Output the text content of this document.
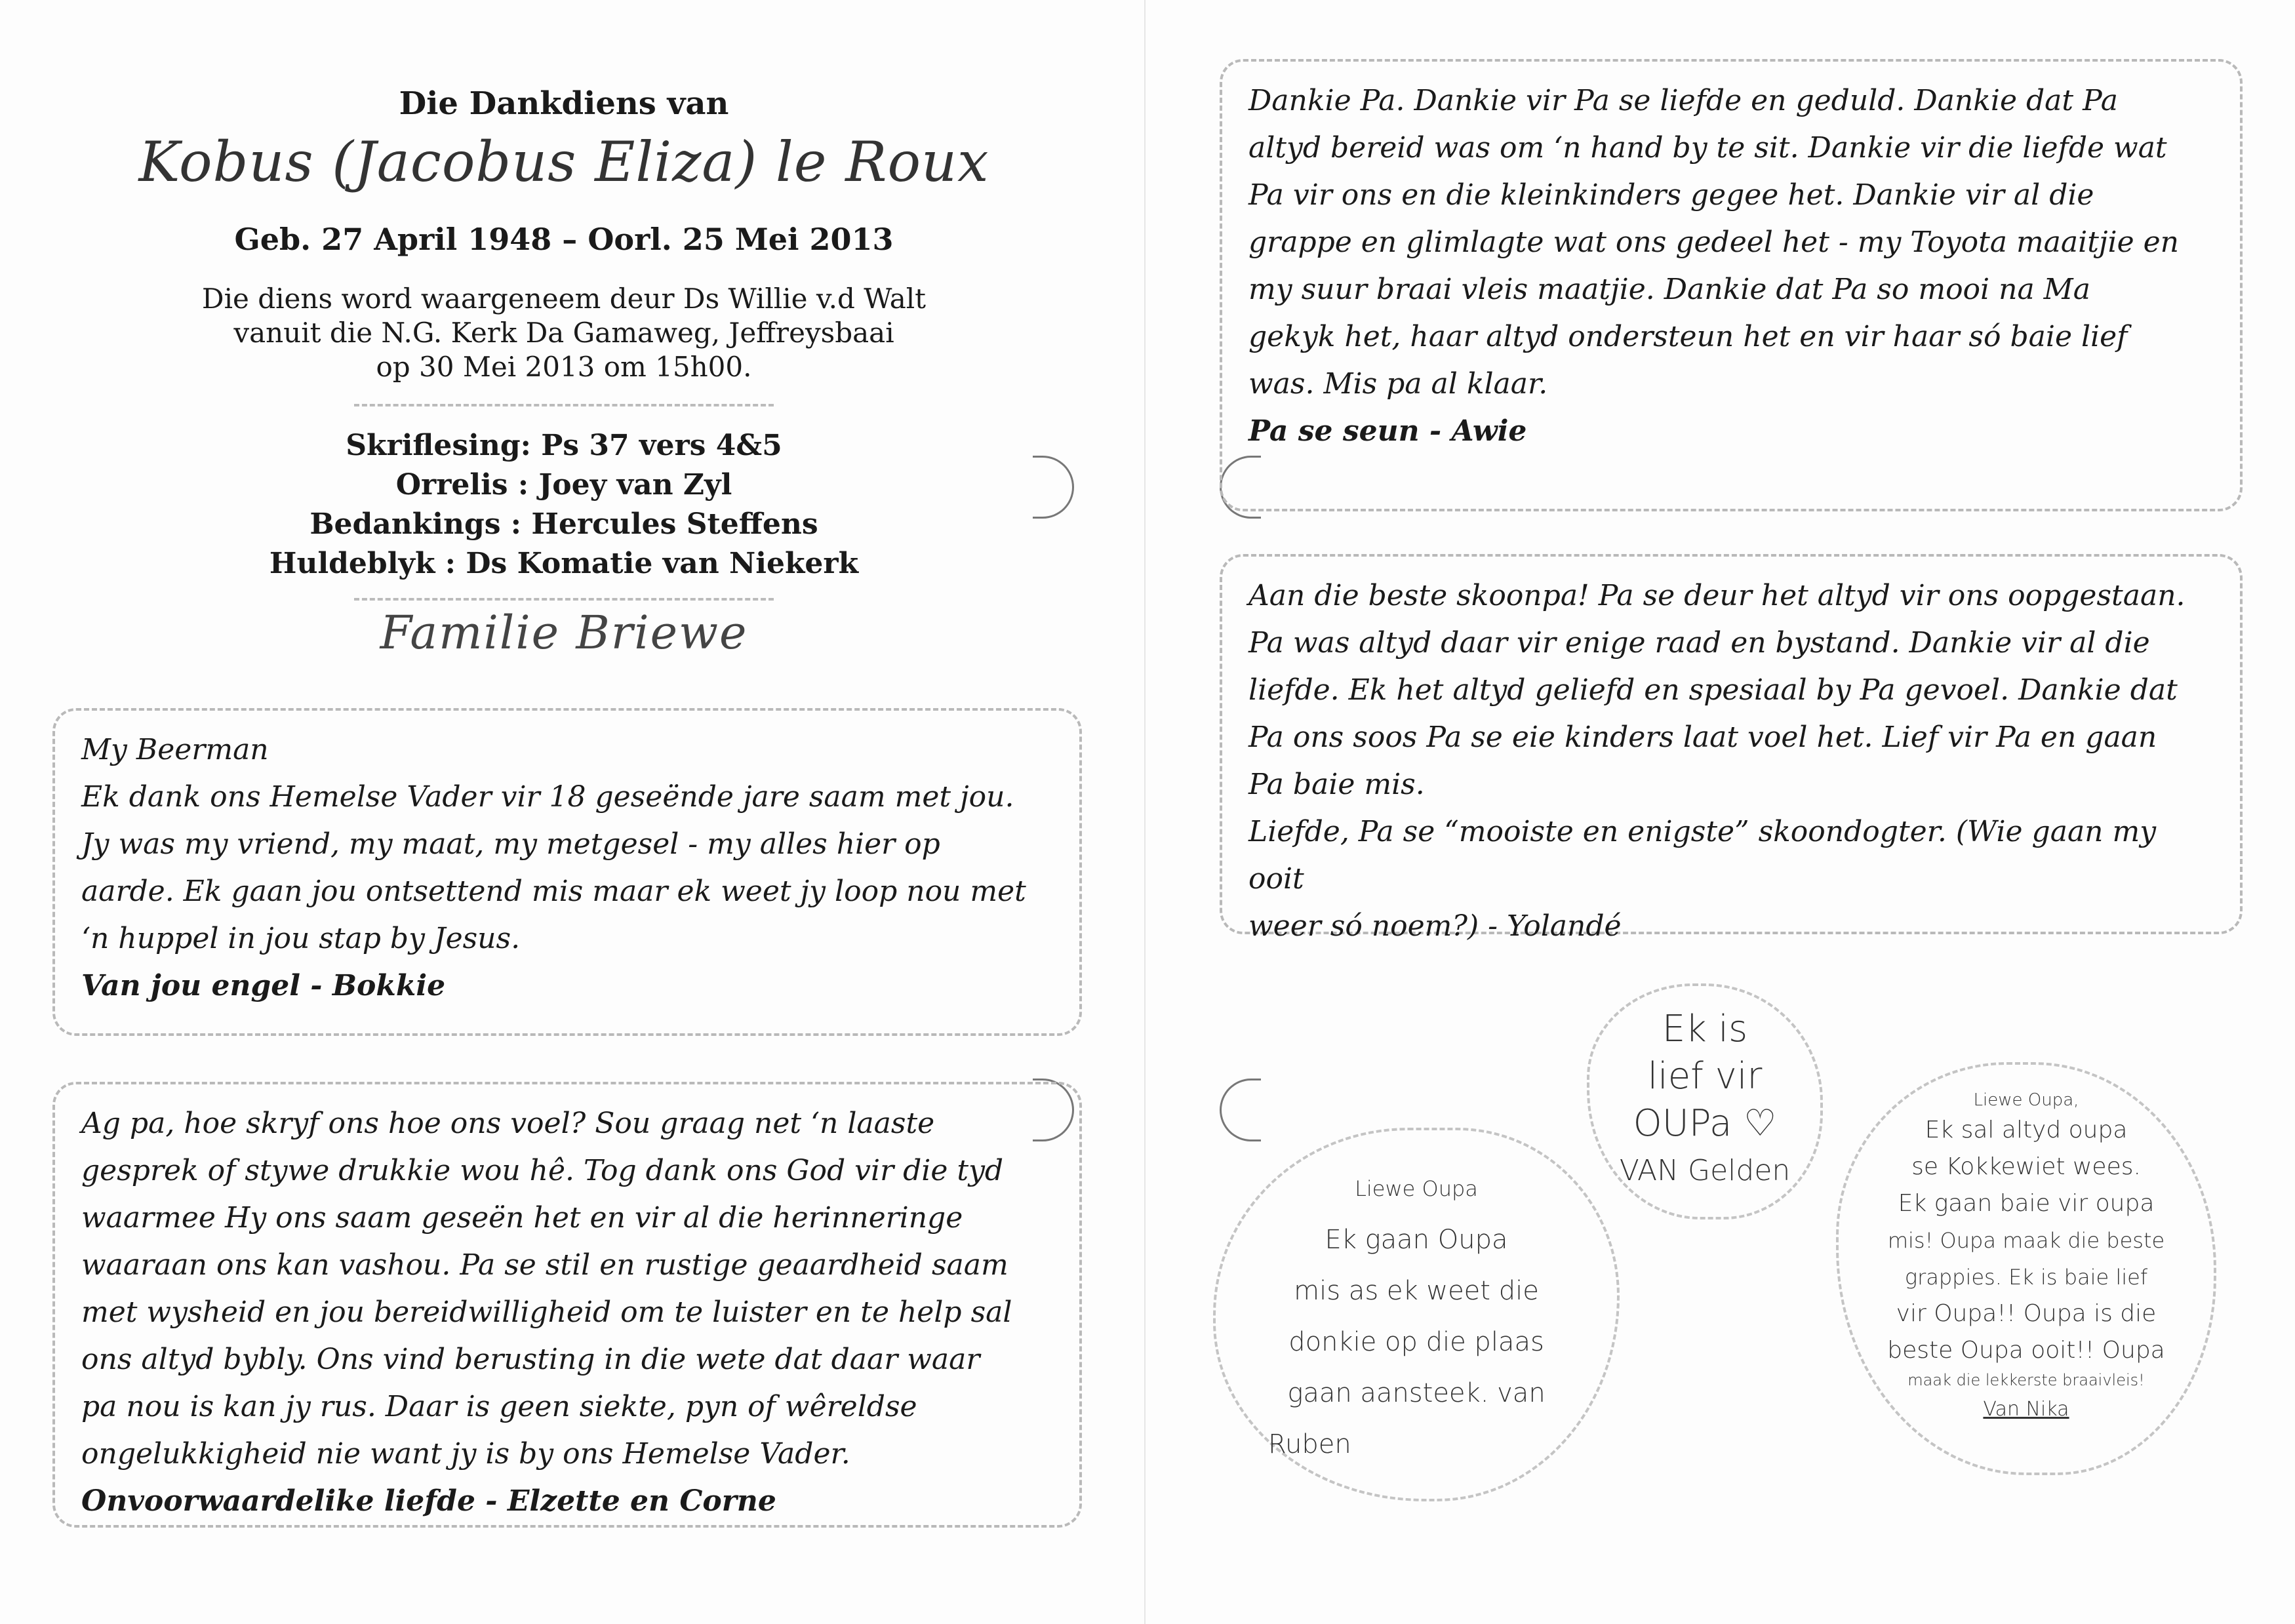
Die Dankdiens van
Kobus (Jacobus Eliza) le Roux
Geb. 27 April 1948 – Oorl. 25 Mei 2013
Die diens word waargeneem deur Ds Willie v.d Walt
vanuit die N.G. Kerk Da Gamaweg, Jeffreysbaai
op 30 Mei 2013 om 15h00.
Skriflesing: Ps 37 vers 4&5
Orrelis : Joey van Zyl
Bedankings : Hercules Steffens
Huldeblyk : Ds Komatie van Niekerk
Familie Briewe

My Beerman

Ek dank ons Hemelse Vader vir 18 geseënde jare saam met jou.

Jy was my vriend, my maat, my metgesel - my alles hier op

aarde. Ek gaan jou ontsettend mis maar ek weet jy loop nou met

‘n huppel in jou stap by Jesus.

Van jou engel - Bokkie

Ag pa, hoe skryf ons hoe ons voel? Sou graag net ‘n laaste

gesprek of stywe drukkie wou hê. Tog dank ons God vir die tyd

waarmee Hy ons saam geseën het en vir al die herinneringe

waaraan ons kan vashou. Pa se stil en rustige geaardheid saam

met wysheid en jou bereidwilligheid om te luister en te help sal

ons altyd bybly. Ons vind berusting in die wete dat daar waar

pa nou is kan jy rus. Daar is geen siekte, pyn of wêreldse

ongelukkigheid nie want jy is by ons Hemelse Vader.

Onvoorwaardelike liefde - Elzette en Corne

Dankie Pa. Dankie vir Pa se liefde en geduld. Dankie dat Pa

altyd bereid was om ‘n hand by te sit. Dankie vir die liefde wat

Pa vir ons en die kleinkinders gegee het. Dankie vir al die

grappe en glimlagte wat ons gedeel het - my Toyota maaitjie en

my suur braai vleis maatjie. Dankie dat Pa so mooi na Ma

gekyk het, haar altyd ondersteun het en vir haar só baie lief

was. Mis pa al klaar.

Pa se seun - Awie

Aan die beste skoonpa! Pa se deur het altyd vir ons oopgestaan.

Pa was altyd daar vir enige raad en bystand. Dankie vir al die

liefde. Ek het altyd geliefd en spesiaal by Pa gevoel. Dankie dat

Pa ons soos Pa se eie kinders laat voel het. Lief vir Pa en gaan

Pa baie mis.

Liefde, Pa se “mooiste en enigste” skoondogter. (Wie gaan my ooit

weer só noem?) - Yolandé

Liewe Oupa
Ek gaan Oupa
mis as ek weet die
donkie op die plaas
gaan aansteek. van
Ruben
Ek is
lief vir
OUPa ♡
VAN Gelden
Liewe Oupa,
Ek sal altyd oupa
se Kokkewiet wees.
Ek gaan baie vir oupa
mis! Oupa maak die beste
grappies. Ek is baie lief
vir Oupa!! Oupa is die
beste Oupa ooit!! Oupa
maak die lekkerste braaivleis!
Van Nika
